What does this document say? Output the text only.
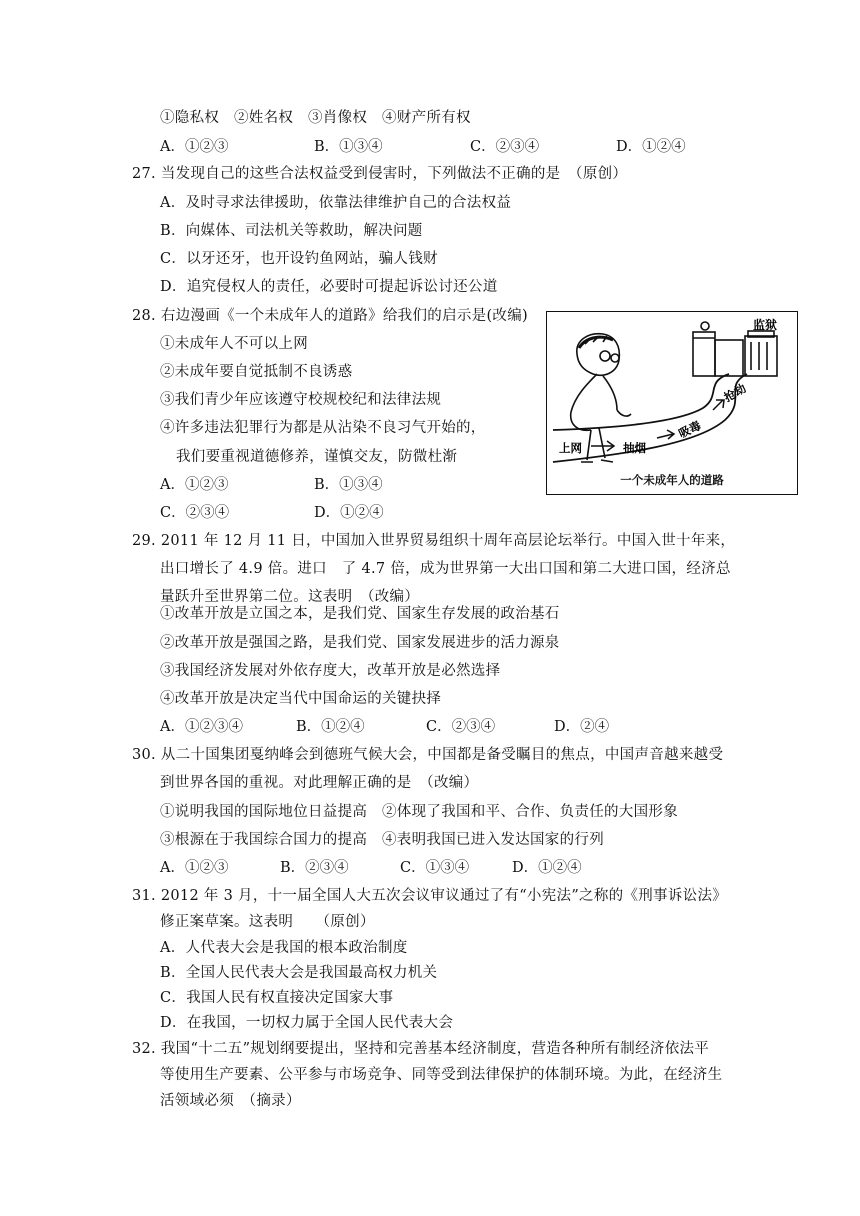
①隐私权　②姓名权　③肖像权　④财产所有权
A．①②③	B．①③④	C．②③④	D．①②④
27. 当发现自己的这些合法权益受到侵害时，下列做法不正确的是　（原创）
A．及时寻求法律援助，依靠法律维护自己的合法权益
B．向媒体、司法机关等救助，解决问题
C．以牙还牙，也开设钓鱼网站，骗人钱财
D．追究侵权人的责任，必要时可提起诉讼讨还公道
28. 右边漫画《一个未成年人的道路》给我们的启示是(改编)
①未成年人不可以上网
②未成年要自觉抵制不良诱惑
③我们青少年应该遵守校规校纪和法律法规
④许多违法犯罪行为都是从沾染不良习气开始的，
我们要重视道德修养，谨慎交友，防微杜渐
A．①②③	B．①③④
C．②③④	D．①②④
监狱
上网	抽烟
吸毒
抢劫
一个未成年人的道路
29. 2011 年 12 月 11 日，中国加入世界贸易组织十周年高层论坛举行。中国入世十年来，
出口增长了 4.9 倍。进口　了 4.7 倍，成为世界第一大出口国和第二大进口国，经济总
量跃升至世界第二位。这表明　（改编）
①改革开放是立国之本，是我们党、国家生存发展的政治基石
②改革开放是强国之路，是我们党、国家发展进步的活力源泉
③我国经济发展对外依存度大，改革开放是必然选择
④改革开放是决定当代中国命运的关键抉择
A．①②③④	B．①②④	C．②③④	D．②④
30. 从二十国集团戛纳峰会到德班气候大会，中国都是备受瞩目的焦点，中国声音越来越受
到世界各国的重视。对此理解正确的是　（改编）
①说明我国的国际地位日益提高　②体现了我国和平、合作、负责任的大国形象
③根源在于我国综合国力的提高　④表明我国已进入发达国家的行列
A．①②③	B．②③④	C．①③④	D．①②④
31. 2012 年 3 月，十一届全国人大五次会议审议通过了有“小宪法”之称的《刑事诉讼法》
修正案草案。这表明　　（原创）
A．人代表大会是我国的根本政治制度
B．全国人民代表大会是我国最高权力机关
C．我国人民有权直接决定国家大事
D．在我国，一切权力属于全国人民代表大会
32. 我国“十二五”规划纲要提出，坚持和完善基本经济制度，营造各种所有制经济依法平
等使用生产要素、公平参与市场竞争、同等受到法律保护的体制环境。为此，在经济生
活领域必须　（摘录）
